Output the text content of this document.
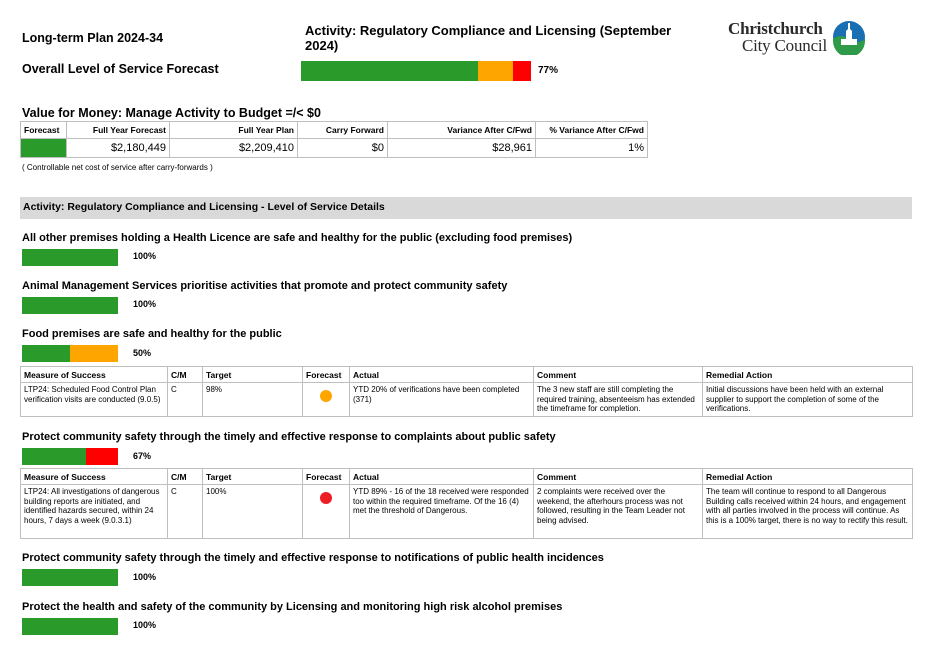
Long-term Plan 2024-34	Activity: Regulatory Compliance and Licensing (September 2024)
Overall Level of Service Forecast	77%
Christchurch
City Council
Value for Money: Manage Activity to Budget =/< $0
Forecast	Full Year Forecast	Full Year Plan	Carry Forward	Variance After C/Fwd	% Variance After C/Fwd

	$2,180,449	$2,209,410	$0	$28,961	1%
( Controllable net cost of service after carry-forwards )
Activity: Regulatory Compliance and Licensing - Level of Service Details
All other premises holding a Health Licence are safe and healthy for the public (excluding food premises)
100%
Animal Management Services prioritise activities that promote and protect community safety
100%
Food premises are safe and healthy for the public
50%
Measure of Success	C/M	Target	Forecast	Actual	Comment	Remedial Action
LTP24: Scheduled Food Control Plan verification visits are conducted (9.0.5)	C	98%		YTD 20% of verifications have been completed (371)	The 3 new staff are still completing the required training, absenteeism has extended the timeframe for completion.	Initial discussions have been held with an external supplier to support the completion of some of the verifications.
Protect community safety through the timely and effective response to complaints about public safety
67%
Measure of Success	C/M	Target	Forecast	Actual	Comment	Remedial Action
LTP24: All investigations of dangerous building reports are initiated, and identified hazards secured, within 24 hours, 7 days a week (9.0.3.1)	C	100%		YTD 89% - 16 of the 18 received were responded too within the required timeframe. Of the 16 (4) met the threshold of Dangerous.	2 complaints were received over the weekend, the afterhours process was not followed, resulting in the Team Leader not being advised.	The team will continue to respond to all Dangerous Building calls received within 24 hours, and engagement with all parties involved in the process will continue. As this is a 100% target, there is no way to rectify this result.
Protect community safety through the timely and effective response to notifications of public health incidences
100%
Protect the health and safety of the community by Licensing and monitoring high risk alcohol premises
100%
